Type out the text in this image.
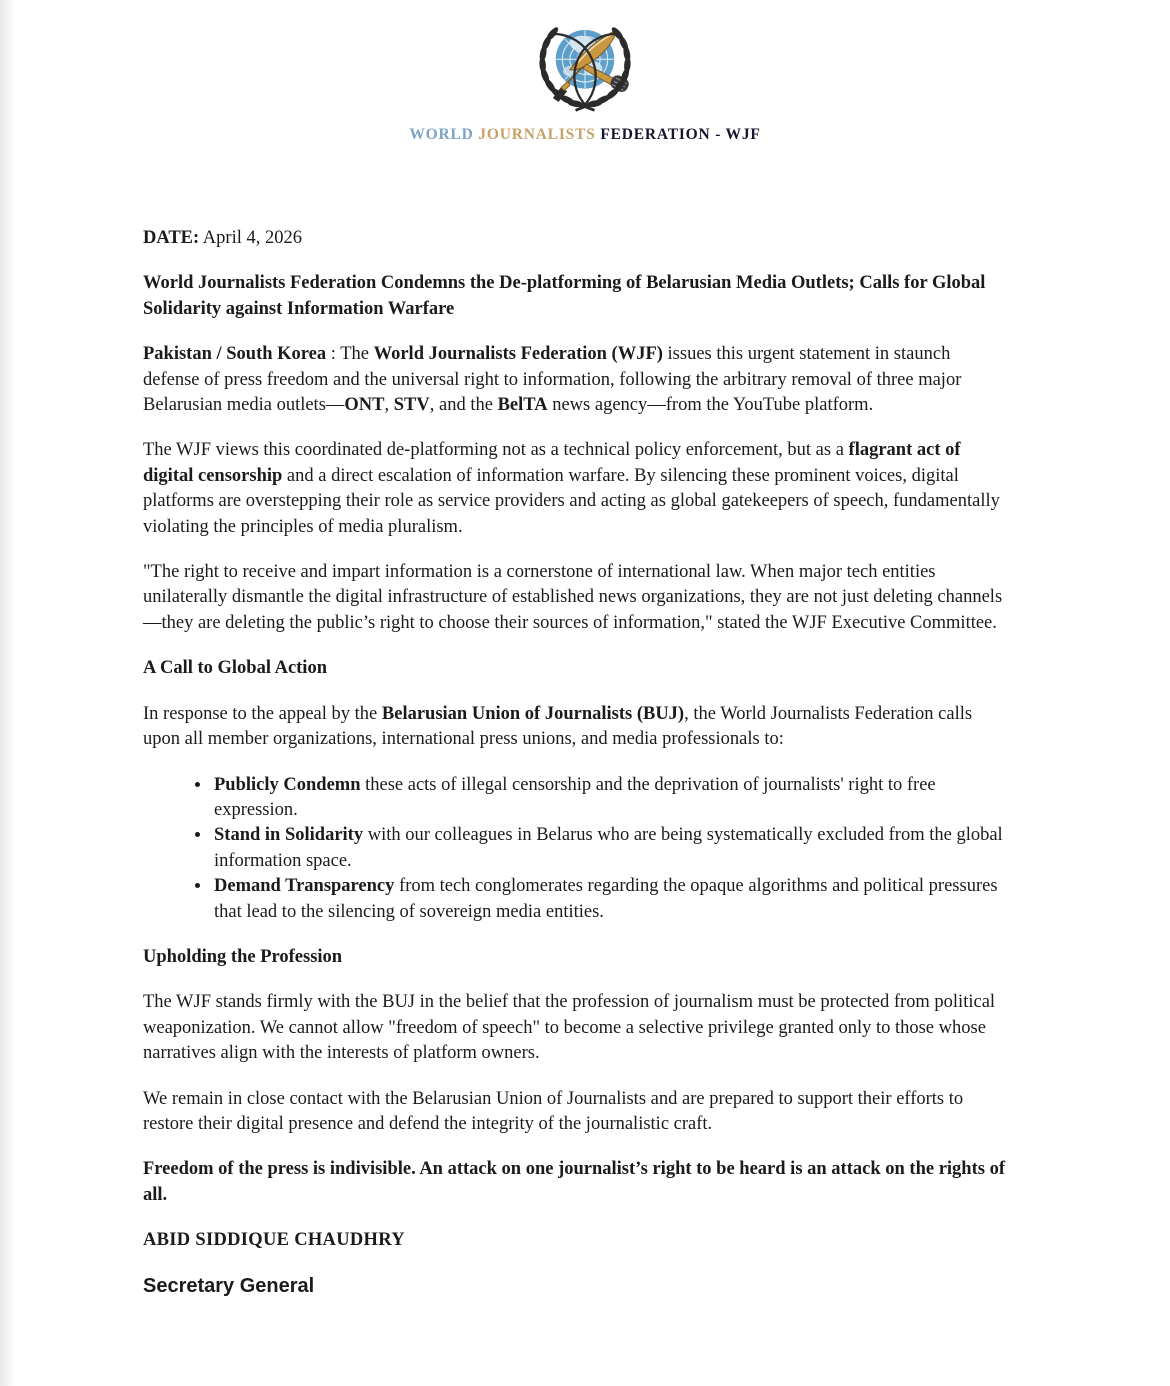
WORLD JOURNALISTS FEDERATION - WJF

DATE: April 4, 2026

World Journalists Federation Condemns the De-platforming of Belarusian Media Outlets; Calls for Global Solidarity against Information Warfare

Pakistan / South Korea : The World Journalists Federation (WJF) issues this urgent statement in staunch defense of press freedom and the universal right to information, following the arbitrary removal of three major Belarusian media outlets—ONT, STV, and the BelTA news agency—from the YouTube platform.

The WJF views this coordinated de-platforming not as a technical policy enforcement, but as a flagrant act of digital censorship and a direct escalation of information warfare. By silencing these prominent voices, digital platforms are overstepping their role as service providers and acting as global gatekeepers of speech, fundamentally violating the principles of media pluralism.

"The right to receive and impart information is a cornerstone of international law. When major tech entities unilaterally dismantle the digital infrastructure of established news organizations, they are not just deleting channels—they are deleting the public’s right to choose their sources of information," stated the WJF Executive Committee.

A Call to Global Action

In response to the appeal by the Belarusian Union of Journalists (BUJ), the World Journalists Federation calls upon all member organizations, international press unions, and media professionals to:

• Publicly Condemn these acts of illegal censorship and the deprivation of journalists' right to free expression.
• Stand in Solidarity with our colleagues in Belarus who are being systematically excluded from the global information space.
• Demand Transparency from tech conglomerates regarding the opaque algorithms and political pressures that lead to the silencing of sovereign media entities.

Upholding the Profession

The WJF stands firmly with the BUJ in the belief that the profession of journalism must be protected from political weaponization. We cannot allow "freedom of speech" to become a selective privilege granted only to those whose narratives align with the interests of platform owners.

We remain in close contact with the Belarusian Union of Journalists and are prepared to support their efforts to restore their digital presence and defend the integrity of the journalistic craft.

Freedom of the press is indivisible. An attack on one journalist’s right to be heard is an attack on the rights of all.

ABID SIDDIQUE CHAUDHRY

Secretary General
